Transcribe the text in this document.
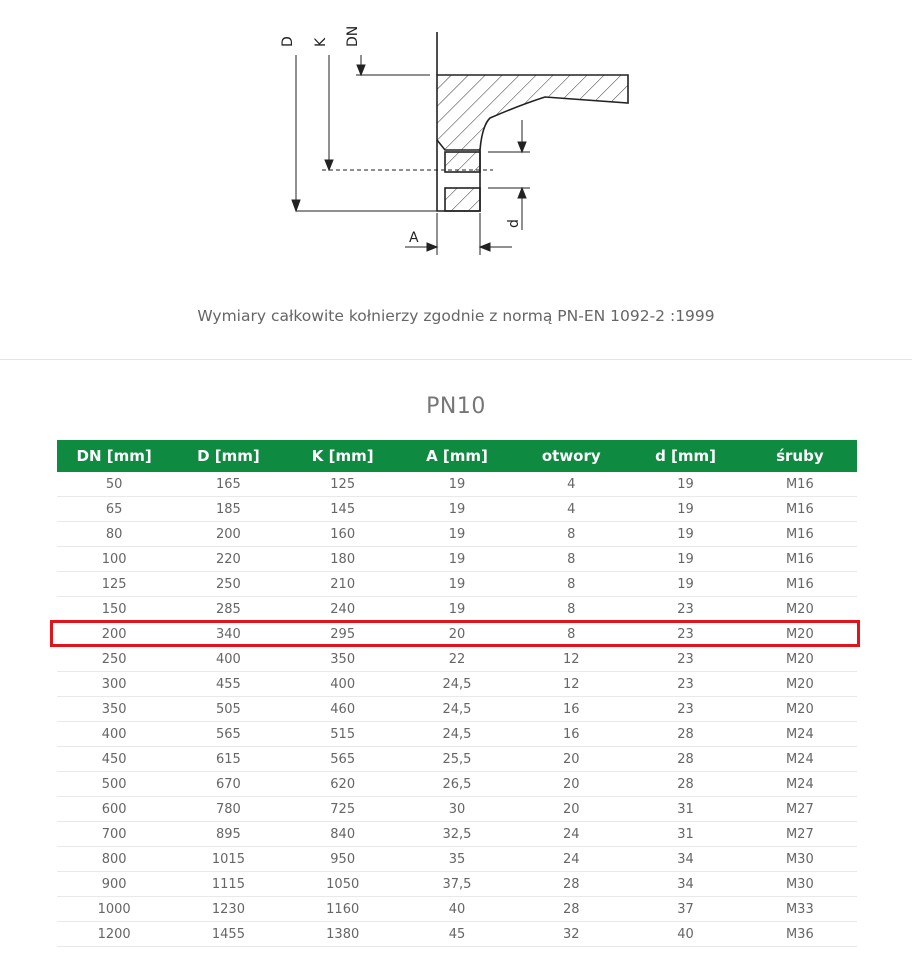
D K DN
A
d
Wymiary całkowite kołnierzy zgodnie z normą PN-EN 1092-2 :1999
PN10
DN [mm]	D [mm]	K [mm]	A [mm]	otwory	d [mm]	śruby
50	165	125	19	4	19	M16
65	185	145	19	4	19	M16
80	200	160	19	8	19	M16
100	220	180	19	8	19	M16
125	250	210	19	8	19	M16
150	285	240	19	8	23	M20
200	340	295	20	8	23	M20
250	400	350	22	12	23	M20
300	455	400	24,5	12	23	M20
350	505	460	24,5	16	23	M20
400	565	515	24,5	16	28	M24
450	615	565	25,5	20	28	M24
500	670	620	26,5	20	28	M24
600	780	725	30	20	31	M27
700	895	840	32,5	24	31	M27
800	1015	950	35	24	34	M30
900	1115	1050	37,5	28	34	M30
1000	1230	1160	40	28	37	M33
1200	1455	1380	45	32	40	M36
